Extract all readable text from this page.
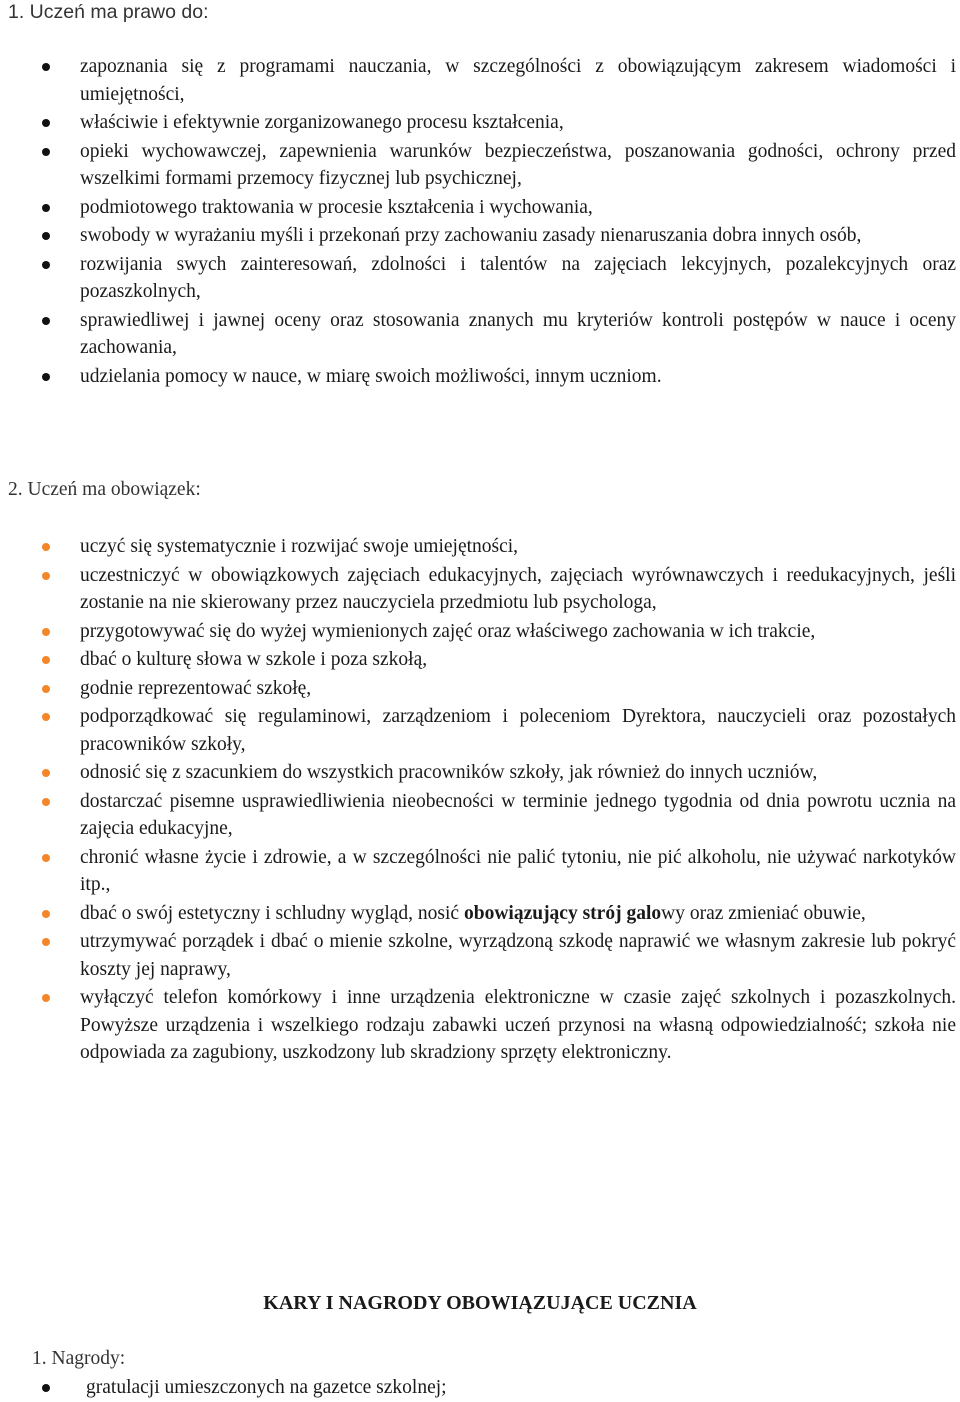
1. Uczeń ma prawo do:
zapoznania się z programami nauczania, w szczególności z obowiązującym zakresem wiadomości i umiejętności,
właściwie i efektywnie zorganizowanego procesu kształcenia,
opieki wychowawczej, zapewnienia warunków bezpieczeństwa, poszanowania godności, ochrony przed wszelkimi formami przemocy fizycznej lub psychicznej,
podmiotowego traktowania w procesie kształcenia i wychowania,
swobody w wyrażaniu myśli i przekonań przy zachowaniu zasady nienaruszania dobra innych osób,
rozwijania swych zainteresowań, zdolności i talentów na zajęciach lekcyjnych, pozalekcyjnych oraz pozaszkolnych,
sprawiedliwej i jawnej oceny oraz stosowania znanych mu kryteriów kontroli postępów w nauce i oceny zachowania,
udzielania pomocy w nauce, w miarę swoich możliwości, innym uczniom.
2. Uczeń ma obowiązek:
uczyć się systematycznie i rozwijać swoje umiejętności,
uczestniczyć w obowiązkowych zajęciach edukacyjnych, zajęciach wyrównawczych i reedukacyjnych, jeśli zostanie na nie skierowany przez nauczyciela przedmiotu lub psychologa,
przygotowywać się do wyżej wymienionych zajęć oraz właściwego zachowania w ich trakcie,
dbać o kulturę słowa w szkole i poza szkołą,
godnie reprezentować szkołę,
podporządkować się regulaminowi, zarządzeniom i poleceniom Dyrektora, nauczycieli oraz pozostałych pracowników szkoły,
odnosić się z szacunkiem do wszystkich pracowników szkoły, jak również do innych uczniów,
dostarczać pisemne usprawiedliwienia nieobecności w terminie jednego tygodnia od dnia powrotu ucznia na zajęcia edukacyjne,
chronić własne życie i zdrowie, a w szczególności nie palić tytoniu, nie pić alkoholu, nie używać narkotyków itp.,
dbać o swój estetyczny i schludny wygląd, nosić obowiązujący strój galowy oraz zmieniać obuwie,
utrzymywać porządek i dbać o mienie szkolne, wyrządzoną szkodę naprawić we własnym zakresie lub pokryć koszty jej naprawy,
wyłączyć telefon komórkowy i inne urządzenia elektroniczne w czasie zajęć szkolnych i pozaszkolnych. Powyższe urządzenia i wszelkiego rodzaju zabawki uczeń przynosi na własną odpowiedzialność; szkoła nie odpowiada za zagubiony, uszkodzony lub skradziony sprzęty elektroniczny.
KARY I NAGRODY OBOWIĄZUJĄCE UCZNIA
1. Nagrody:
gratulacji umieszczonych na gazetce szkolnej;
